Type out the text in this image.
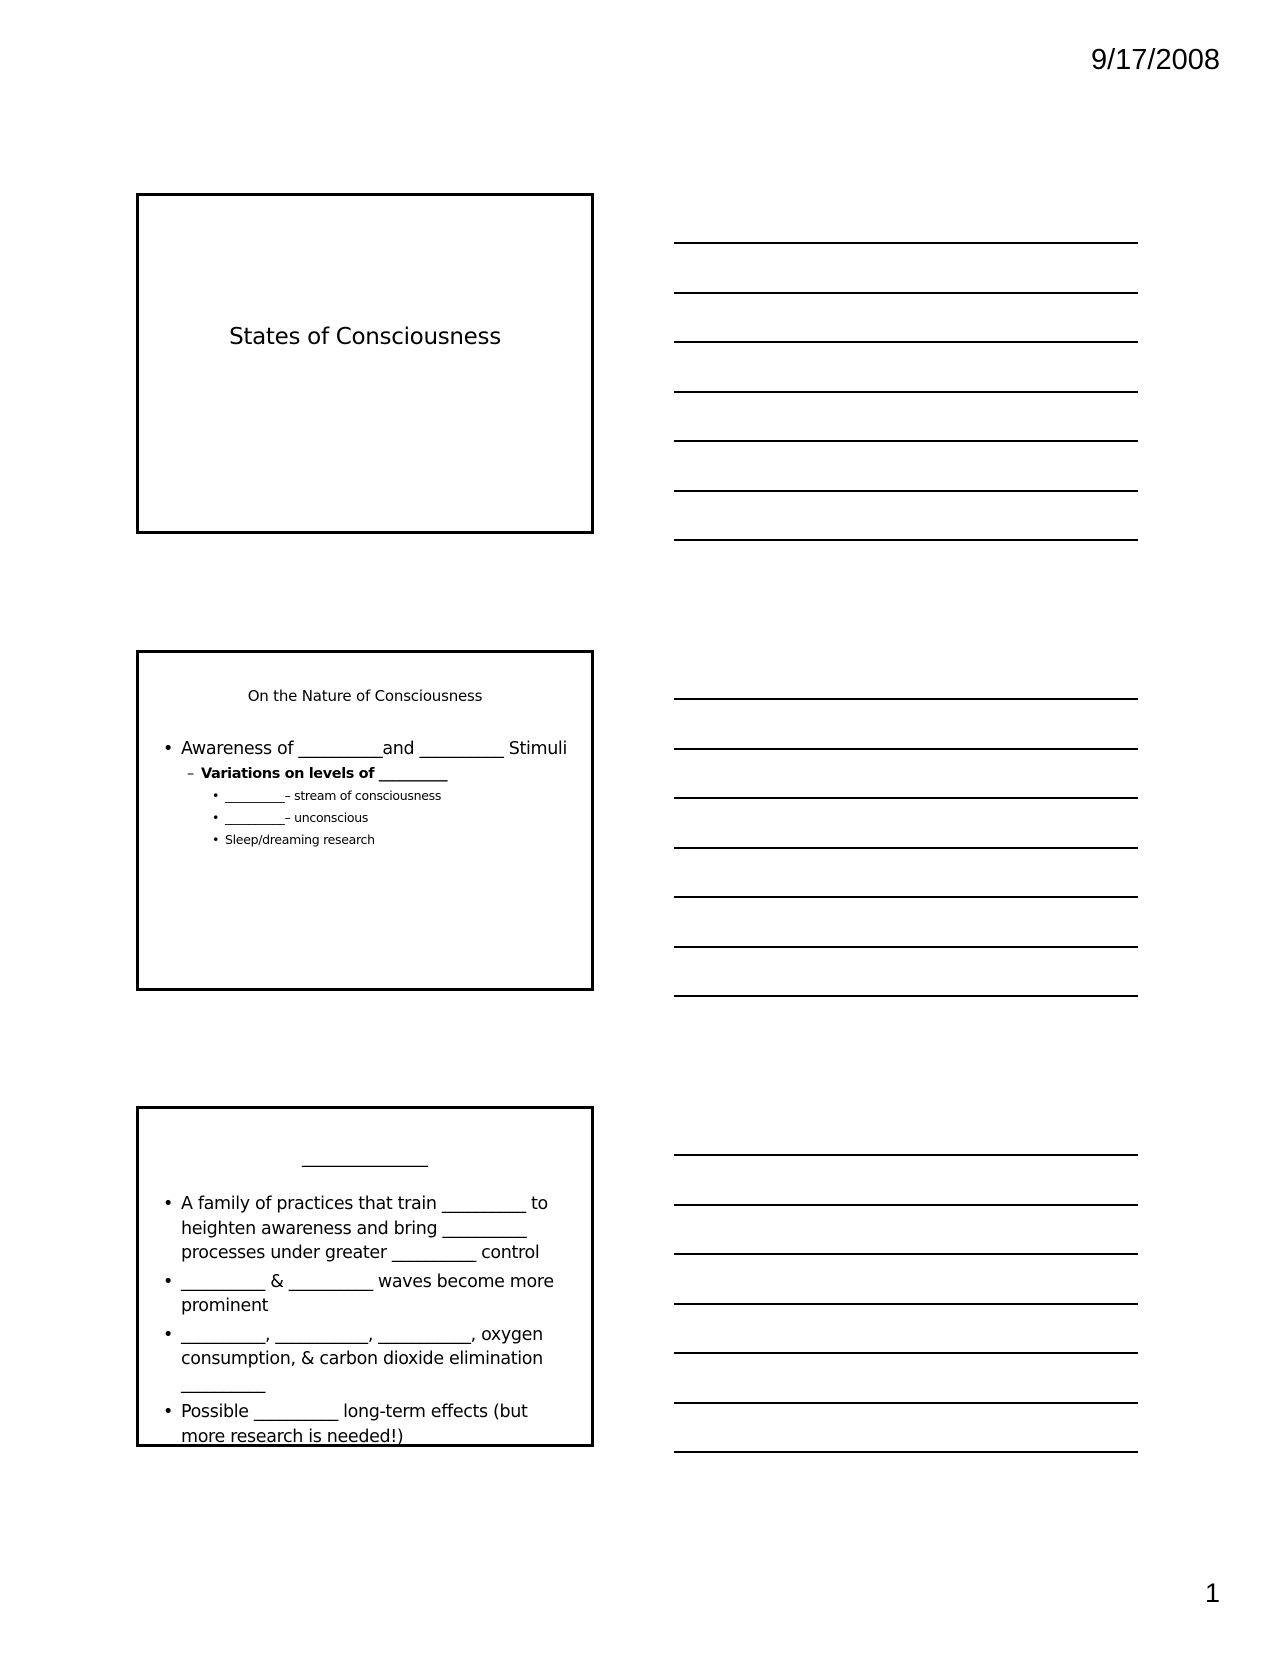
9/17/2008
States of Consciousness
On the Nature of Consciousness
• Awareness of __________and __________ Stimuli
– Variations on levels of __________
• __________– stream of consciousness
• __________– unconscious
• Sleep/dreaming research
______________
• A family of practices that train __________ to heighten awareness and bring __________ processes under greater __________ control
• __________ & __________ waves become more prominent
• __________, ___________, ___________, oxygen consumption, & carbon dioxide elimination __________
• Possible __________ long-term effects (but more research is needed!)
1
